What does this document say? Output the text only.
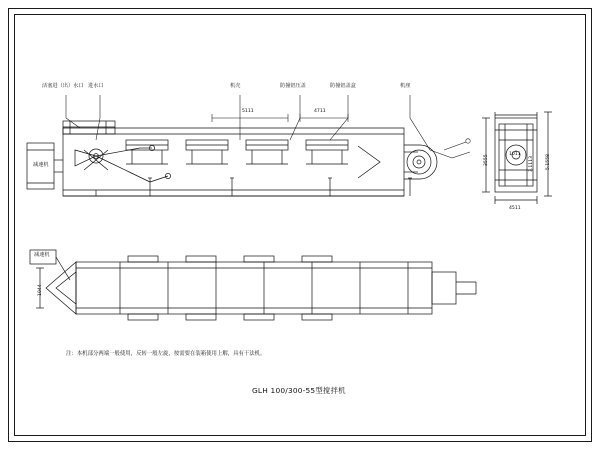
活塞进（出）水口 进水口	机壳	防撞铝压盖	防撞铝盖盒	机座
减速机
减速机
5111	4711
1044
4511
3555	5.1558
1011
3.1113
注：本机部分两端一般使用，反转一般左旋，按需要在装箱使用上解，具有干法机。
GLH 100/300-55型搅拌机
